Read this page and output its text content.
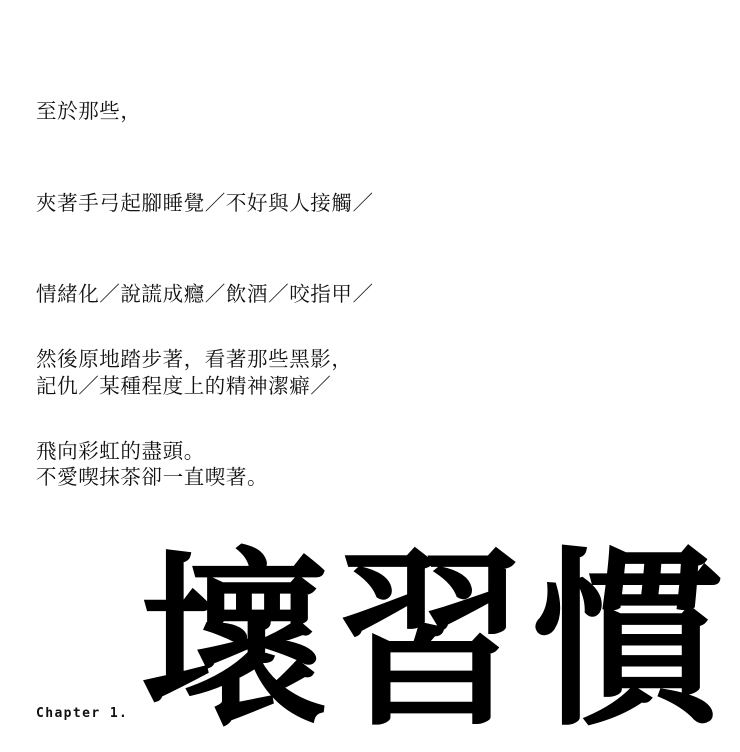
至於那些，

夾著手弓起腳睡覺／不好與人接觸／

情緒化／說謊成癮／飲酒／咬指甲／

記仇／某種程度上的精神潔癖／

不愛喫抹茶卻一直喫著。

然後原地踏步著，看著那些黑影，

飛向彩虹的盡頭。

壞習慣
Chapter 1.
